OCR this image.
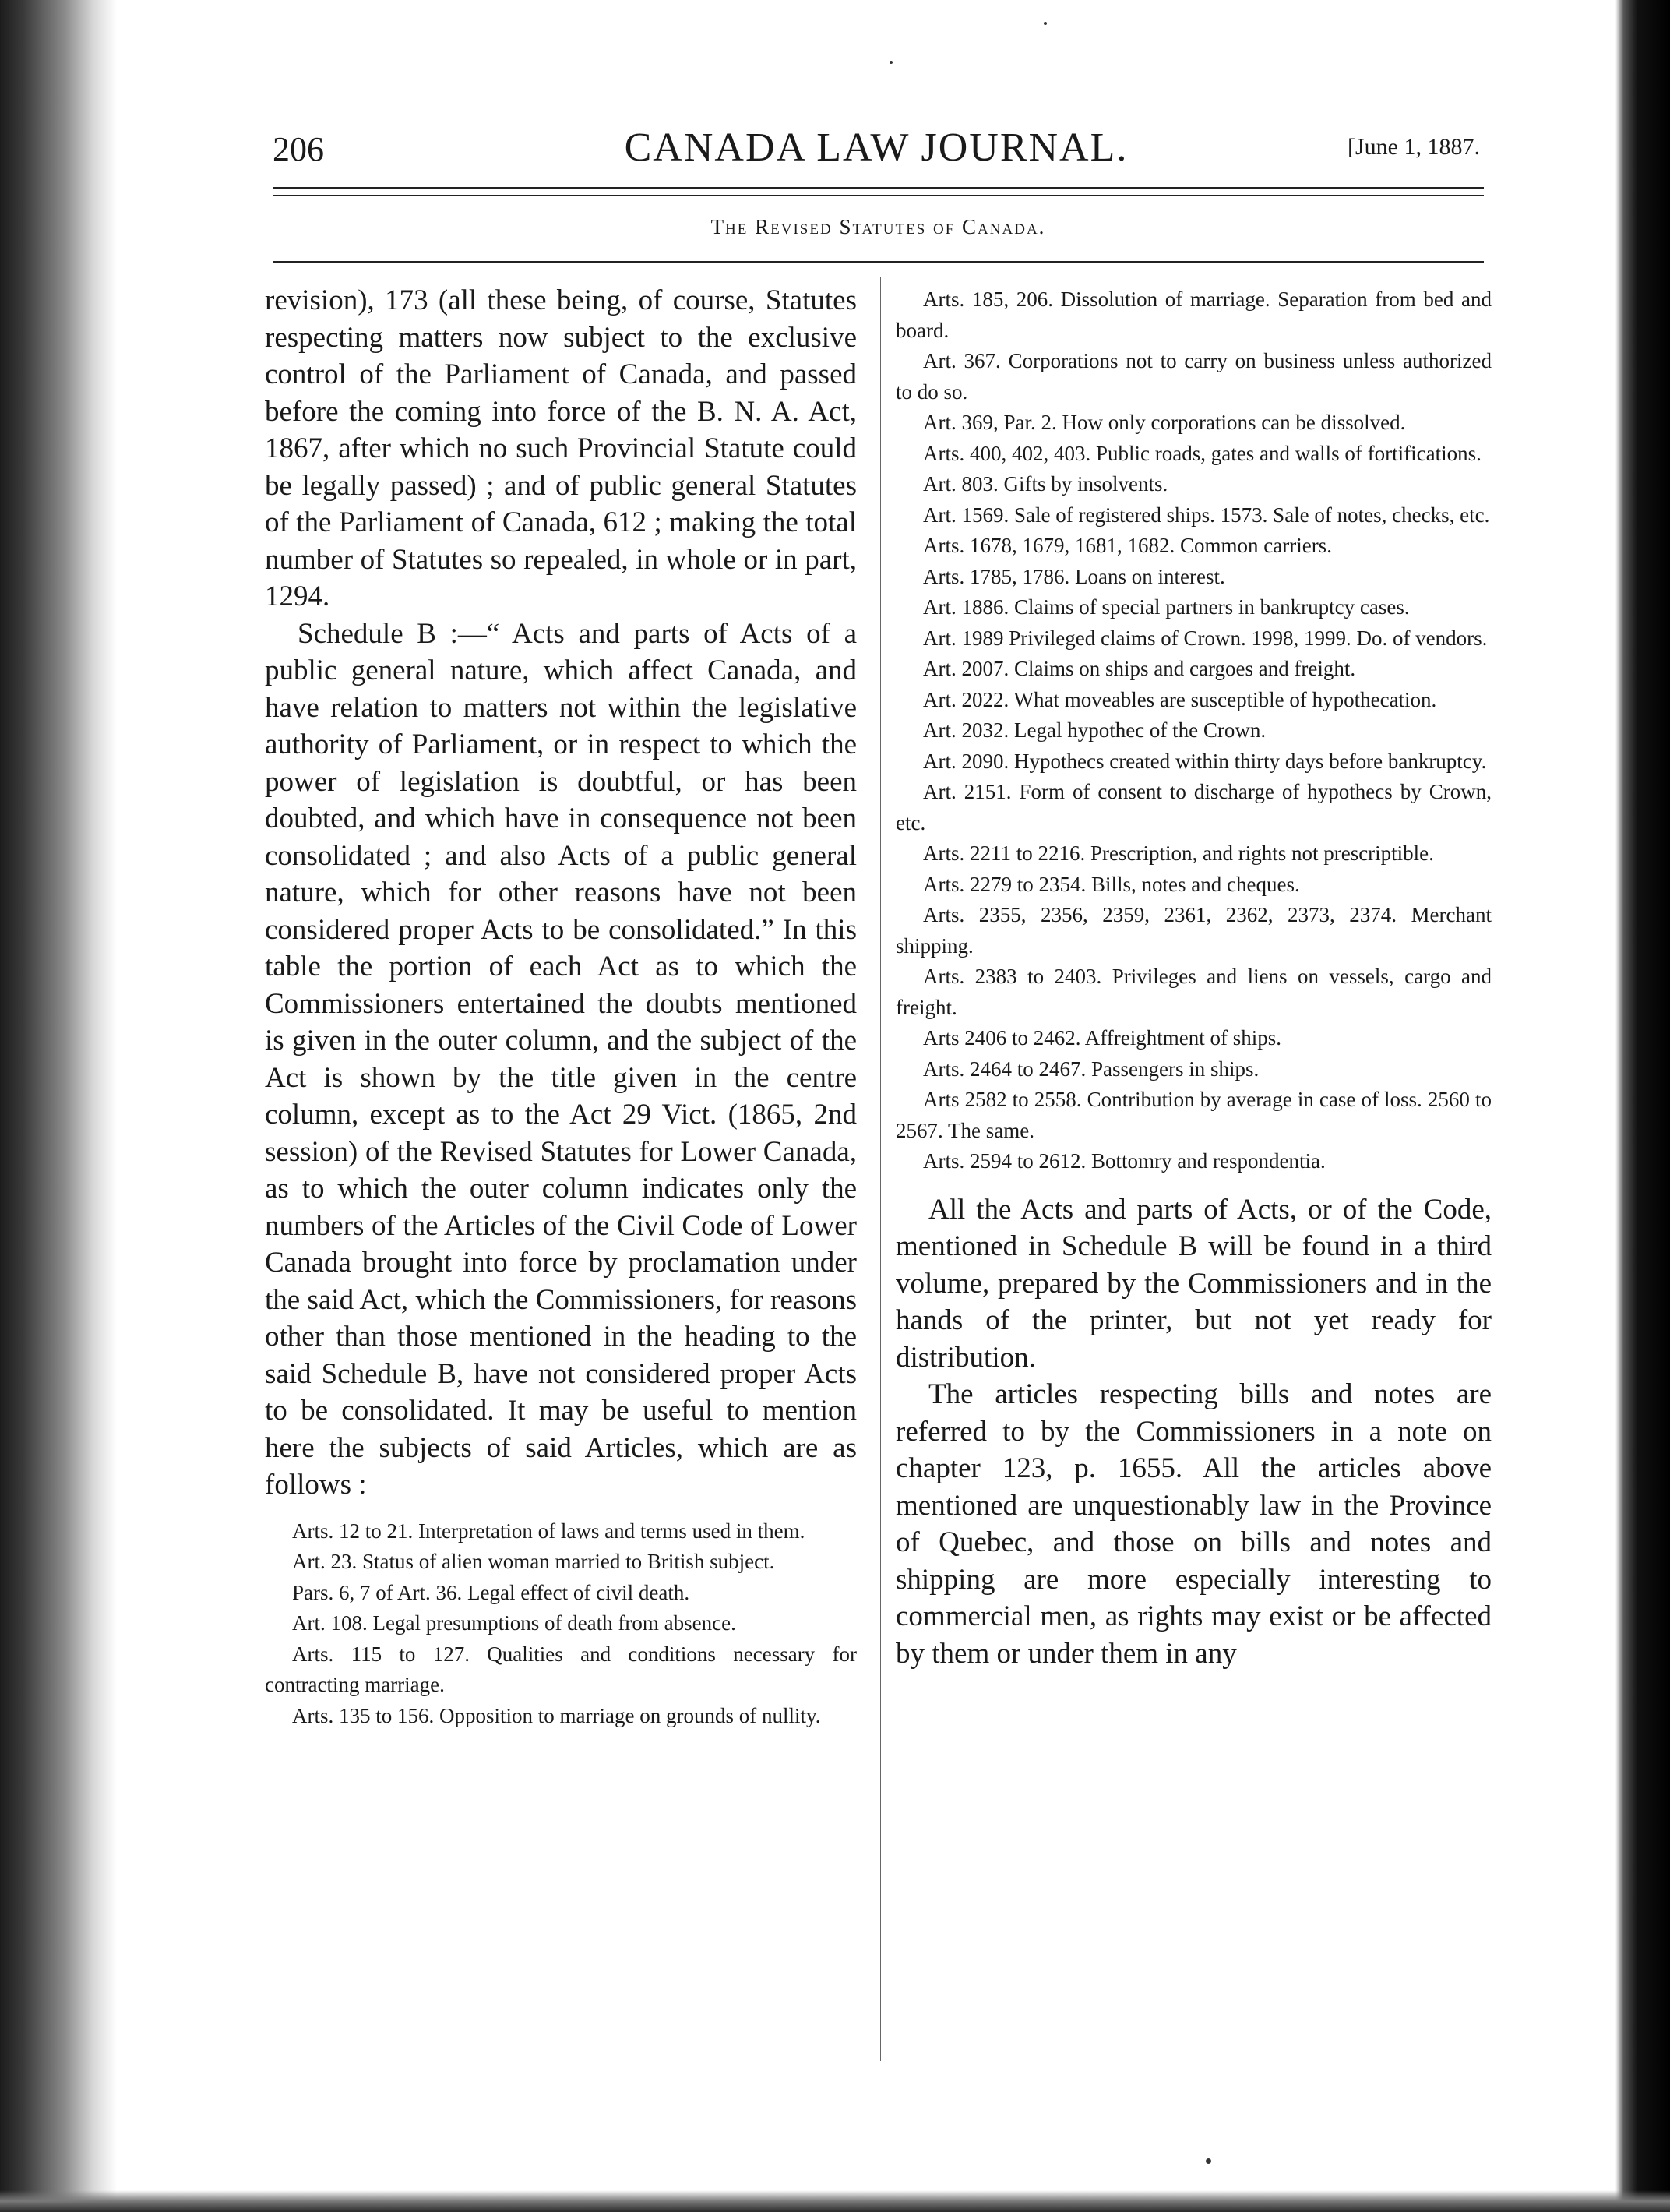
206	CANADA LAW JOURNAL.	[June 1, 1887.
The Revised Statutes of Canada.

revision), 173 (all these being, of course, Statutes respecting matters now subject to the exclusive control of the Parliament of Canada, and passed before the coming into force of the B. N. A. Act, 1867, after which no such Provincial Statute could be legally passed) ; and of public general Statutes of the Parliament of Canada, 612 ; making the total number of Statutes so repealed, in whole or in part, 1294.

Schedule B :—“ Acts and parts of Acts of a public general nature, which affect Canada, and have relation to matters not within the legislative authority of Parliament, or in respect to which the power of legislation is doubtful, or has been doubted, and which have in consequence not been consolidated ; and also Acts of a public general nature, which for other reasons have not been considered proper Acts to be consolidated.” In this table the portion of each Act as to which the Commissioners entertained the doubts mentioned is given in the outer column, and the subject of the Act is shown by the title given in the centre column, except as to the Act 29 Vict. (1865, 2nd session) of the Revised Statutes for Lower Canada, as to which the outer column indicates only the numbers of the Articles of the Civil Code of Lower Canada brought into force by proclamation under the said Act, which the Commissioners, for reasons other than those mentioned in the heading to the said Schedule B, have not considered proper Acts to be consolidated. It may be useful to mention here the subjects of said Articles, which are as follows :

Arts. 12 to 21. Interpretation of laws and terms used in them.

Art. 23. Status of alien woman married to British subject.

Pars. 6, 7 of Art. 36. Legal effect of civil death.

Art. 108. Legal presumptions of death from absence.

Arts. 115 to 127. Qualities and conditions necessary for contracting marriage.

Arts. 135 to 156. Opposition to marriage on grounds of nullity.

Arts. 185, 206. Dissolution of marriage. Separation from bed and board.

Art. 367. Corporations not to carry on business unless authorized to do so.

Art. 369, Par. 2. How only corporations can be dissolved.

Arts. 400, 402, 403. Public roads, gates and walls of fortifications.

Art. 803. Gifts by insolvents.

Art. 1569. Sale of registered ships. 1573. Sale of notes, checks, etc.

Arts. 1678, 1679, 1681, 1682. Common carriers.

Arts. 1785, 1786. Loans on interest.

Art. 1886. Claims of special partners in bankruptcy cases.

Art. 1989 Privileged claims of Crown. 1998, 1999. Do. of vendors.

Art. 2007. Claims on ships and cargoes and freight.

Art. 2022. What moveables are susceptible of hypothecation.

Art. 2032. Legal hypothec of the Crown.

Art. 2090. Hypothecs created within thirty days before bankruptcy.

Art. 2151. Form of consent to discharge of hypothecs by Crown, etc.

Arts. 2211 to 2216. Prescription, and rights not prescriptible.

Arts. 2279 to 2354. Bills, notes and cheques.

Arts. 2355, 2356, 2359, 2361, 2362, 2373, 2374. Merchant shipping.

Arts. 2383 to 2403. Privileges and liens on vessels, cargo and freight.

Arts 2406 to 2462. Affreightment of ships.

Arts. 2464 to 2467. Passengers in ships.

Arts 2582 to 2558. Contribution by average in case of loss. 2560 to 2567. The same.

Arts. 2594 to 2612. Bottomry and respondentia.

All the Acts and parts of Acts, or of the Code, mentioned in Schedule B will be found in a third volume, prepared by the Commissioners and in the hands of the printer, but not yet ready for distribution.

The articles respecting bills and notes are referred to by the Commissioners in a note on chapter 123, p. 1655. All the articles above mentioned are unquestionably law in the Province of Quebec, and those on bills and notes and shipping are more especially interesting to commercial men, as rights may exist or be affected by them or under them in any
